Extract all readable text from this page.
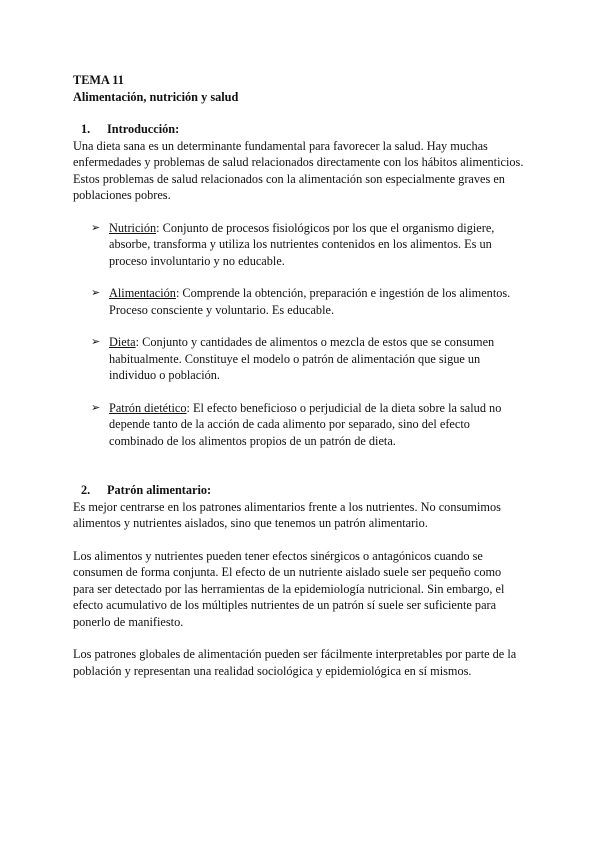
TEMA 11

Alimentación, nutrición y salud

1.	Introducción:

Una dieta sana es un determinante fundamental para favorecer la salud. Hay muchas enfermedades y problemas de salud relacionados directamente con los hábitos alimenticios. Estos problemas de salud relacionados con la alimentación son especialmente graves en poblaciones pobres.

➢ Nutrición: Conjunto de procesos fisiológicos por los que el organismo digiere, absorbe, transforma y utiliza los nutrientes contenidos en los alimentos. Es un proceso involuntario y no educable.
➢ Alimentación: Comprende la obtención, preparación e ingestión de los alimentos. Proceso consciente y voluntario. Es educable.
➢ Dieta: Conjunto y cantidades de alimentos o mezcla de estos que se consumen habitualmente. Constituye el modelo o patrón de alimentación que sigue un individuo o población.
➢ Patrón dietético: El efecto beneficioso o perjudicial de la dieta sobre la salud no depende tanto de la acción de cada alimento por separado, sino del efecto combinado de los alimentos propios de un patrón de dieta.
2.	Patrón alimentario:

Es mejor centrarse en los patrones alimentarios frente a los nutrientes. No consumimos alimentos y nutrientes aislados, sino que tenemos un patrón alimentario.

Los alimentos y nutrientes pueden tener efectos sinérgicos o antagónicos cuando se consumen de forma conjunta. El efecto de un nutriente aislado suele ser pequeño como para ser detectado por las herramientas de la epidemiología nutricional. Sin embargo, el efecto acumulativo de los múltiples nutrientes de un patrón sí suele ser suficiente para ponerlo de manifiesto.

Los patrones globales de alimentación pueden ser fácilmente interpretables por parte de la población y representan una realidad sociológica y epidemiológica en sí mismos.
